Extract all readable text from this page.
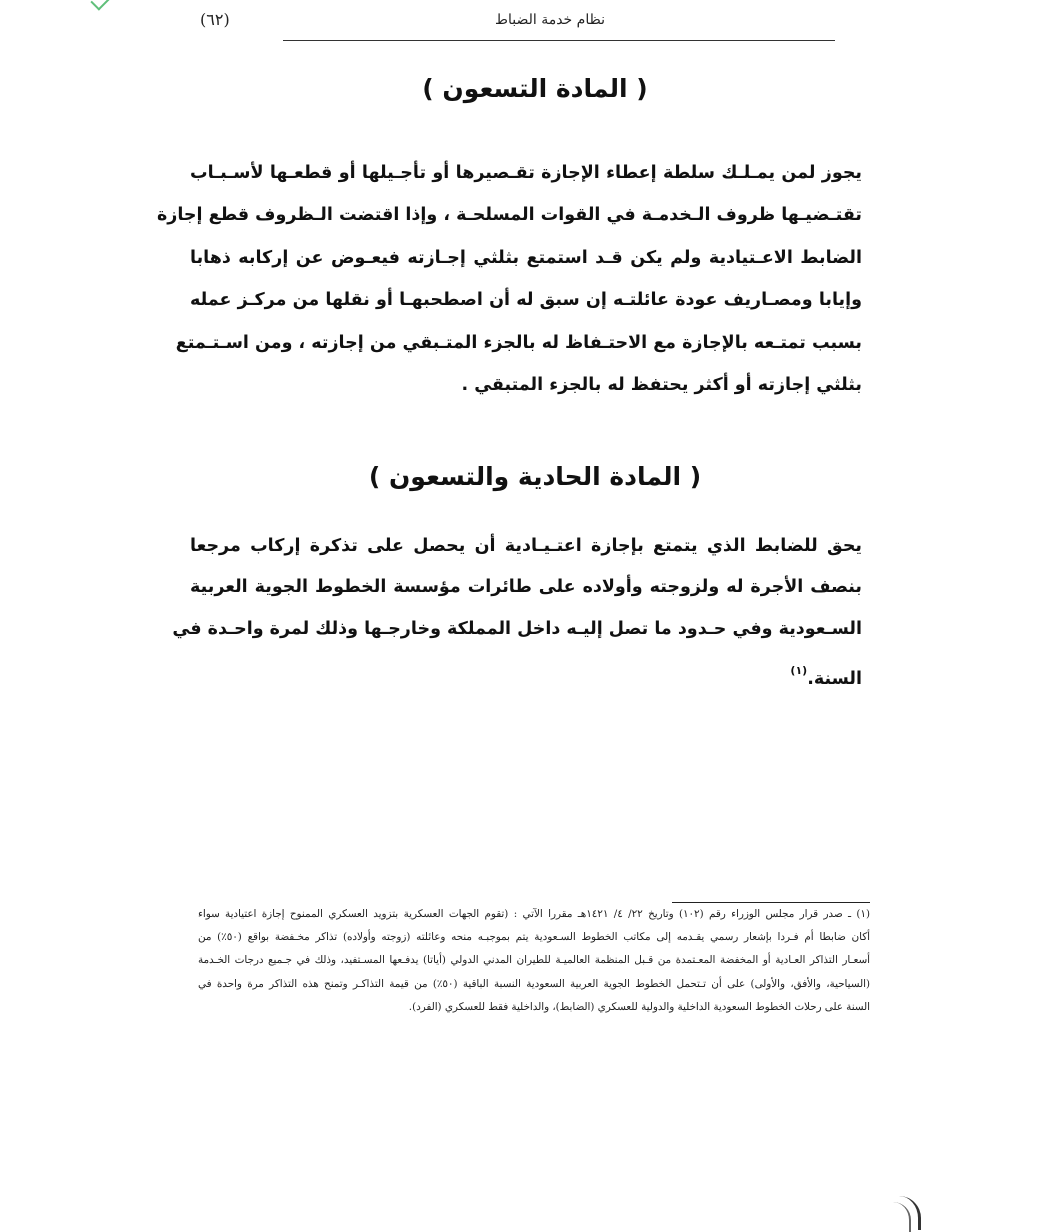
نظام خدمة الضباط
(٦٢)
( المادة التسعون )
يجوز لمن يمـلـك سلطة إعطاء الإجازة تقـصيرها أو تأجـيلها أو قطعـها لأسـبـاب
تقتـضيـها ظروف الـخدمـة في القوات المسلحـة ، وإذا اقتضت الـظروف قطع إجازة
الضابط الاعـتيادية ولم يكن قـد استمتع بثلثي إجـازته فيعـوض عن إركابه ذهابا
وإيابا ومصـاريف عودة عائلتـه إن سبق له أن اصطحبهـا أو نقلها من مركـز عمله
بسبب تمتـعه بالإجازة مع الاحتـفاظ له بالجزء المتـبقي من إجازته ، ومن اسـتـمتع
بثلثي إجازته أو أكثر يحتفظ له بالجزء المتبقي .
( المادة الحادية والتسعون )
يحق للضابط الذي يتمتع بإجازة اعتـيـادية أن يحصل على تذكرة إركاب مرجعا
بنصف الأجرة له ولزوجته وأولاده على طائرات مؤسسة الخطوط الجوية العربية
السـعودية وفي حـدود ما تصل إليـه داخل المملكة وخارجـها وذلك لمرة واحـدة في
السنة.$^{(١)}$
(١) ـ صدر قرار مجلس الوزراء رقم (١٠٢) وتاريخ ٢٢/ ٤/ ١٤٢١هـ مقررا الآتي : (تقوم الجهات العسكرية بتزويد العسكري الممنوح إجازة اعتيادية سواء
أكان ضابطا أم فـردا بإشعار رسمي يقـدمه إلى مكاتب الخطوط السـعودية يتم بموجبـه منحه وعائلته (زوجته وأولاده) تذاكر مخـفضة بواقع (٥٠٪) من
أسعـار التذاكر العـادية أو المخفضة المعـتمدة من قـبل المنظمة العالميـة للطيران المدني الدولي (أياتا) يدفـعها المسـتفيد، وذلك في جـميع درجات الخـدمة
(السياحية، والأفق، والأولى) على أن تـتحمل الخطوط الجوية العربية السعودية النسبة الباقية (٥٠٪) من قيمة التذاكـر وتمنح هذه التذاكر مرة واحدة في
السنة على رحلات الخطوط السعودية الداخلية والدولية للعسكري (الضابط)، والداخلية فقط للعسكري (الفرد).
